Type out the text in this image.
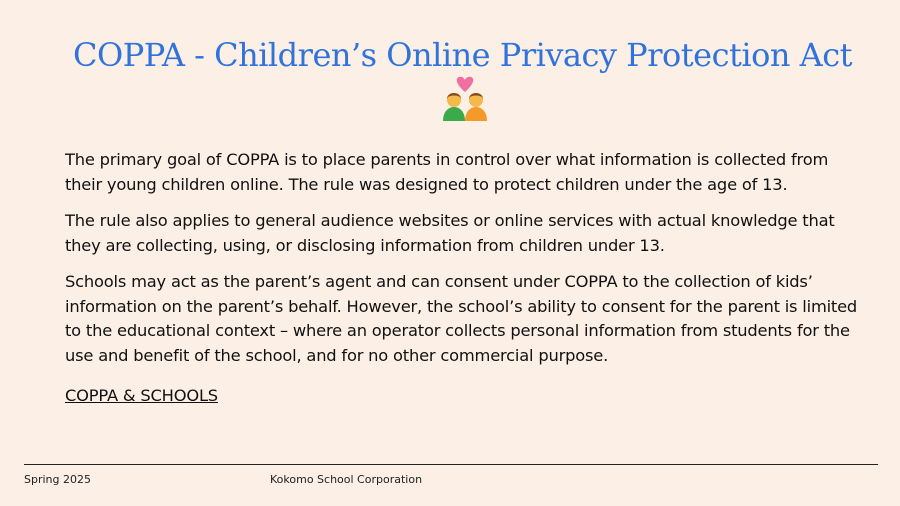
COPPA - Children’s Online Privacy Protection Act

The primary goal of COPPA is to place parents in control over what information is collected from their young children online. The rule was designed to protect children under the age of 13.

The rule also applies to general audience websites or online services with actual knowledge that they are collecting, using, or disclosing information from children under 13.

Schools may act as the parent’s agent and can consent under COPPA to the collection of kids’ information on the parent’s behalf. However, the school’s ability to consent for the parent is limited to the educational context – where an operator collects personal information from students for the use and benefit of the school, and for no other commercial purpose.

COPPA & SCHOOLS

Spring 2025	Kokomo School Corporation
